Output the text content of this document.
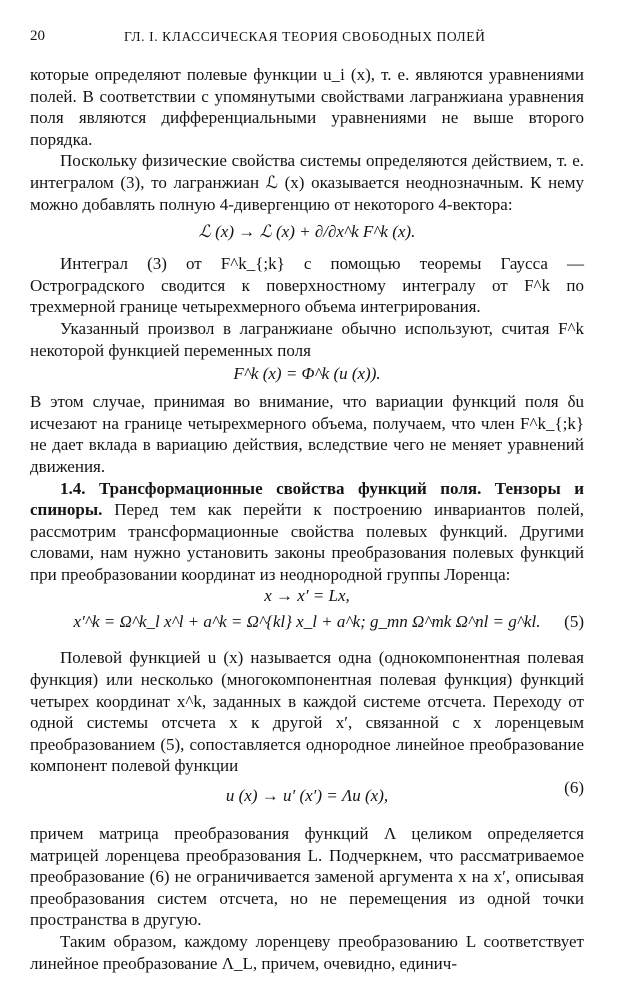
20	ГЛ. I. КЛАССИЧЕСКАЯ ТЕОРИЯ СВОБОДНЫХ ПОЛЕЙ

которые определяют полевые функции u_i (x), т. е. являются уравнениями полей. В соответствии с упомянутыми свойствами лагранжиана уравнения поля являются дифференциальными уравнениями не выше второго порядка.

Поскольку физические свойства системы определяются действием, т. е. интегралом (3), то лагранжиан ℒ (x) оказывается неоднозначным. К нему можно добавлять полную 4-дивергенцию от некоторого 4-вектора:

ℒ (x) → ℒ (x) + ∂/∂x^k F^k (x).

Интеграл (3) от F^k_{;k} с помощью теоремы Гаусса — Остроградского сводится к поверхностному интегралу от F^k по трехмерной границе четырехмерного объема интегрирования.

Указанный произвол в лагранжиане обычно используют, считая F^k некоторой функцией переменных поля

F^k (x) = Φ^k (u (x)).

В этом случае, принимая во внимание, что вариации функций поля δu исчезают на границе четырехмерного объема, получаем, что член F^k_{;k} не дает вклада в вариацию действия, вследствие чего не меняет уравнений движения.

1.4. Трансформационные свойства функций поля. Тензоры и спиноры. Перед тем как перейти к построению инвариантов полей, рассмотрим трансформационные свойства полевых функций. Другими словами, нам нужно установить законы преобразования полевых функций при преобразовании координат из неоднородной группы Лоренца:

x → x′ = Lx,
x′^k = Ω^k_l x^l + a^k = Ω^{kl} x_l + a^k; g_mn Ω^mk Ω^nl = g^kl. (5)

Полевой функцией u (x) называется одна (однокомпонентная полевая функция) или несколько (многокомпонентная полевая функция) функций четырех координат x^k, заданных в каждой системе отсчета. Переходу от одной системы отсчета x к другой x′, связанной с x лоренцевым преобразованием (5), сопоставляется однородное линейное преобразование компонент полевой функции

u (x) → u′ (x′) = Λu (x),	(6)

причем матрица преобразования функций Λ целиком определяется матрицей лоренцева преобразования L. Подчеркнем, что рассматриваемое преобразование (6) не ограничивается заменой аргумента x на x′, описывая преобразования систем отсчета, но не перемещения из одной точки пространства в другую.

Таким образом, каждому лоренцеву преобразованию L соответствует линейное преобразование Λ_L, причем, очевидно, единич-
